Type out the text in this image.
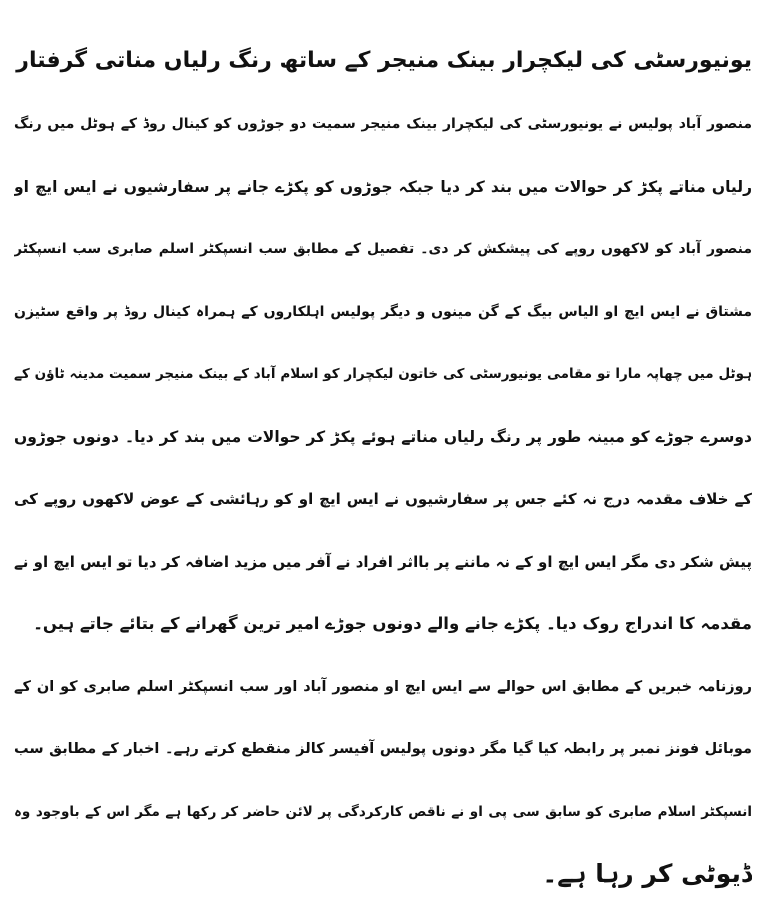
یونیورسٹی کی لیکچرار بینک منیجر کے ساتھ رنگ رلیاں مناتی گرفتار
منصور آباد پولیس نے یونیورسٹی کی لیکچرار بینک منیجر سمیت دو جوڑوں کو کینال روڈ کے ہوٹل میں رنگ
رلیاں مناتے پکڑ کر حوالات میں بند کر دیا جبکہ جوڑوں کو پکڑے جانے پر سفارشیوں نے ایس ایچ او
منصور آباد کو لاکھوں روپے کی پیشکش کر دی۔ تفصیل کے مطابق سب انسپکٹر اسلم صابری سب انسپکٹر
مشتاق نے ایس ایچ او الیاس بیگ کے گن مینوں و دیگر پولیس اہلکاروں کے ہمراہ کینال روڈ پر واقع سٹیزن
ہوٹل میں چھاپہ مارا تو مقامی یونیورسٹی کی خاتون لیکچرار کو اسلام آباد کے بینک منیجر سمیت مدینہ ٹاؤن کے
دوسرے جوڑے کو مبینہ طور پر رنگ رلیاں مناتے ہوئے پکڑ کر حوالات میں بند کر دیا۔ دونوں جوڑوں
کے خلاف مقدمہ درج نہ کئے جس پر سفارشیوں نے ایس ایچ او کو رہائشی کے عوض لاکھوں روپے کی
پیش شکر دی مگر ایس ایچ او کے نہ ماننے پر بااثر افراد نے آفر میں مزید اضافہ کر دیا تو ایس ایچ او نے
مقدمہ کا اندراج روک دیا۔ پکڑے جانے والے دونوں جوڑے امیر ترین گھرانے کے بتائے جاتے ہیں۔
روزنامہ خبریں کے مطابق اس حوالے سے ایس ایچ او منصور آباد اور سب انسپکٹر اسلم صابری کو ان کے
موبائل فونز نمبر پر رابطہ کیا گیا مگر دونوں پولیس آفیسر کالز منقطع کرتے رہے۔ اخبار کے مطابق سب
انسپکٹر اسلام صابری کو سابق سی پی او نے ناقص کارکردگی پر لائن حاضر کر رکھا ہے مگر اس کے باوجود وہ
ڈیوٹی کر رہا ہے۔
